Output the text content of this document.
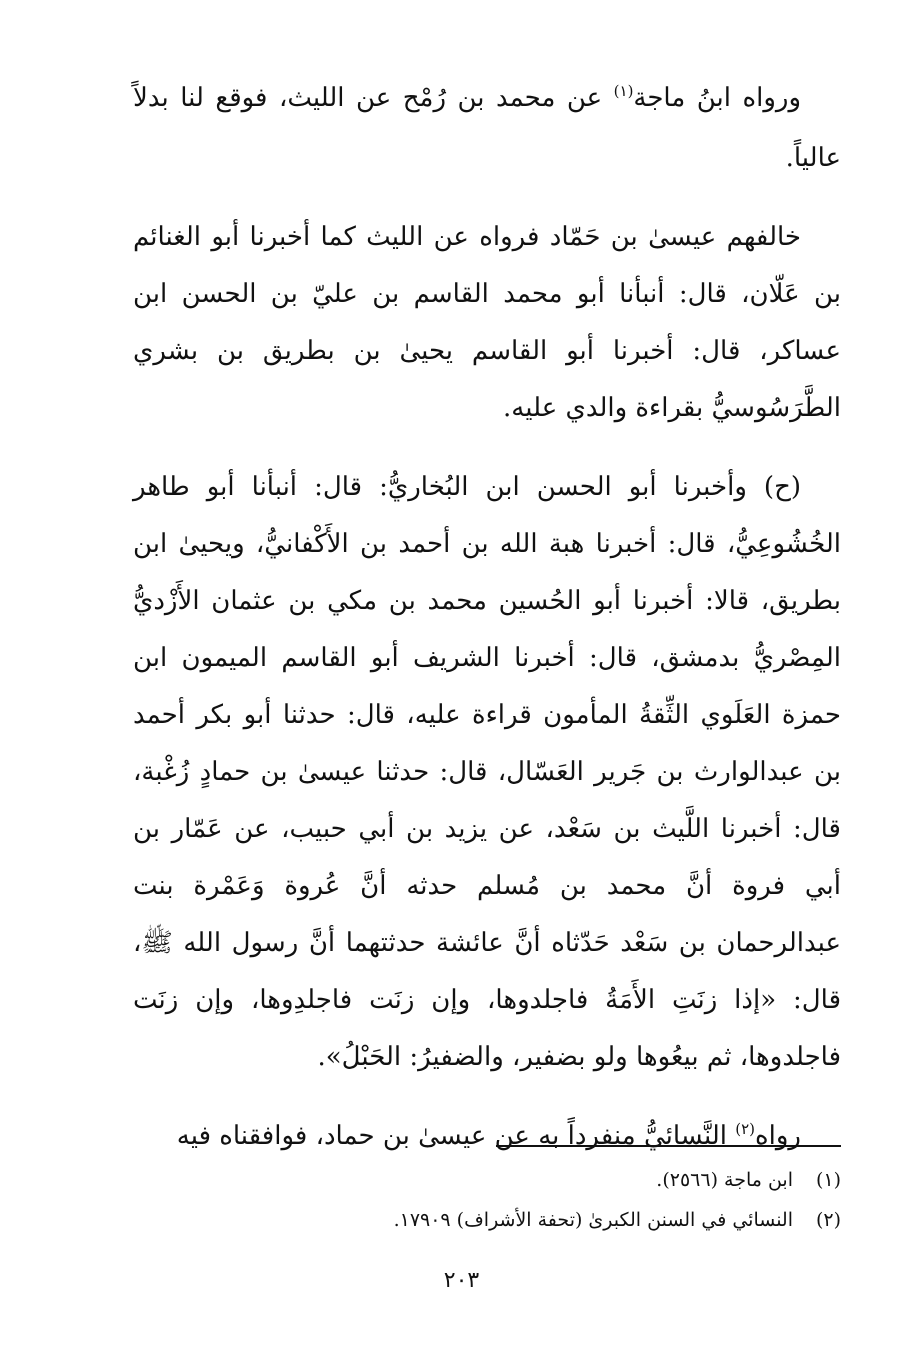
ورواه ابنُ ماجة$^{(١)}$ عن محمد بن رُمْح عن الليث، فوقع لنا بدلاً عالياً.

خالفهم عيسىٰ بن حَمّاد فرواه عن الليث كما أخبرنا أبو الغنائم بن عَلّان، قال: أنبأنا أبو محمد القاسم بن عليّ بن الحسن ابن عساكر، قال: أخبرنا أبو القاسم يحيىٰ بن بطريق بن بشري الطَّرَسُوسيُّ بقراءة والدي عليه.

(ح) وأخبرنا أبو الحسن ابن البُخاريُّ: قال: أنبأنا أبو طاهر الخُشُوعِيُّ، قال: أخبرنا هبة الله بن أحمد بن الأَكْفانيُّ، ويحيىٰ ابن بطريق، قالا: أخبرنا أبو الحُسين محمد بن مكي بن عثمان الأَزْديُّ المِصْريُّ بدمشق، قال: أخبرنا الشريف أبو القاسم الميمون ابن حمزة العَلَوي الثِّقةُ المأمون قراءة عليه، قال: حدثنا أبو بكر أحمد بن عبدالوارث بن جَرير العَسّال، قال: حدثنا عيسىٰ بن حمادٍ زُغْبة، قال: أخبرنا اللَّيث بن سَعْد، عن يزيد بن أبي حبيب، عن عَمّار بن أبي فروة أنَّ محمد بن مُسلم حدثه أنَّ عُروة وَعَمْرة بنت عبدالرحمان بن سَعْد حَدّثاه أنَّ عائشة حدثتهما أنَّ رسول الله ﷺ، قال: «إذا زنَتِ الأَمَةُ فاجلدوها، وإن زنَت فاجلدِوها، وإن زنَت فاجلدوها، ثم بيعُوها ولو بضفير، والضفيرُ: الحَبْلُ».

رواه$^{(٢)}$ النَّسائيُّ منفرداً به عن عيسىٰ بن حماد، فوافقناه فيه

(١)
ابن ماجة (٢٥٦٦).

(٢)
النسائي في السنن الكبرىٰ (تحفة الأشراف) ١٧٩٠٩.

٢٠٣
